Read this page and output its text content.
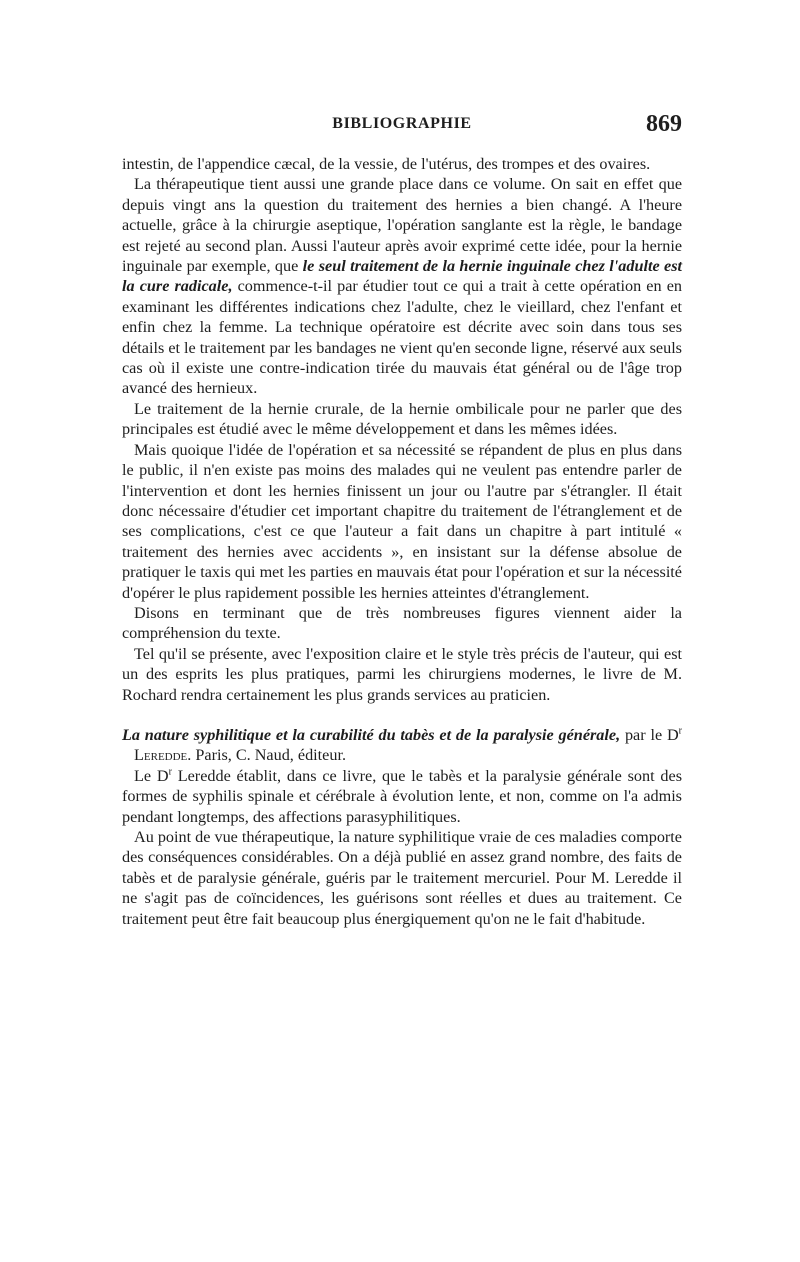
BIBLIOGRAPHIE	869

intestin, de l'appendice cæcal, de la vessie, de l'utérus, des trompes et des ovaires.

La thérapeutique tient aussi une grande place dans ce volume. On sait en effet que depuis vingt ans la question du traitement des hernies a bien changé. A l'heure actuelle, grâce à la chirurgie aseptique, l'opération sanglante est la règle, le bandage est rejeté au second plan. Aussi l'auteur après avoir exprimé cette idée, pour la hernie inguinale par exemple, que le seul traitement de la hernie inguinale chez l'adulte est la cure radicale, commence-t-il par étudier tout ce qui a trait à cette opération en en examinant les différentes indications chez l'adulte, chez le vieillard, chez l'enfant et enfin chez la femme. La technique opératoire est décrite avec soin dans tous ses détails et le traitement par les bandages ne vient qu'en seconde ligne, réservé aux seuls cas où il existe une contre-indication tirée du mauvais état général ou de l'âge trop avancé des hernieux.

Le traitement de la hernie crurale, de la hernie ombilicale pour ne parler que des principales est étudié avec le même développement et dans les mêmes idées.

Mais quoique l'idée de l'opération et sa nécessité se répandent de plus en plus dans le public, il n'en existe pas moins des malades qui ne veulent pas entendre parler de l'intervention et dont les hernies finissent un jour ou l'autre par s'étrangler. Il était donc nécessaire d'étudier cet important chapitre du traitement de l'étranglement et de ses complications, c'est ce que l'auteur a fait dans un chapitre à part intitulé « traitement des hernies avec accidents », en insistant sur la défense absolue de pratiquer le taxis qui met les parties en mauvais état pour l'opération et sur la nécessité d'opérer le plus rapidement possible les hernies atteintes d'étranglement.

Disons en terminant que de très nombreuses figures viennent aider la compréhension du texte.

Tel qu'il se présente, avec l'exposition claire et le style très précis de l'auteur, qui est un des esprits les plus pratiques, parmi les chirurgiens modernes, le livre de M. Rochard rendra certainement les plus grands services au praticien.

La nature syphilitique et la curabilité du tabès et de la paralysie générale, par le $D^r$ Leredde. Paris, C. Naud, éditeur.

Le $D^r$ Leredde établit, dans ce livre, que le tabès et la paralysie générale sont des formes de syphilis spinale et cérébrale à évolution lente, et non, comme on l'a admis pendant longtemps, des affections parasyphilitiques.

Au point de vue thérapeutique, la nature syphilitique vraie de ces maladies comporte des conséquences considérables. On a déjà publié en assez grand nombre, des faits de tabès et de paralysie générale, guéris par le traitement mercuriel. Pour M. Leredde il ne s'agit pas de coïncidences, les guérisons sont réelles et dues au traitement. Ce traitement peut être fait beaucoup plus énergiquement qu'on ne le fait d'habitude.
